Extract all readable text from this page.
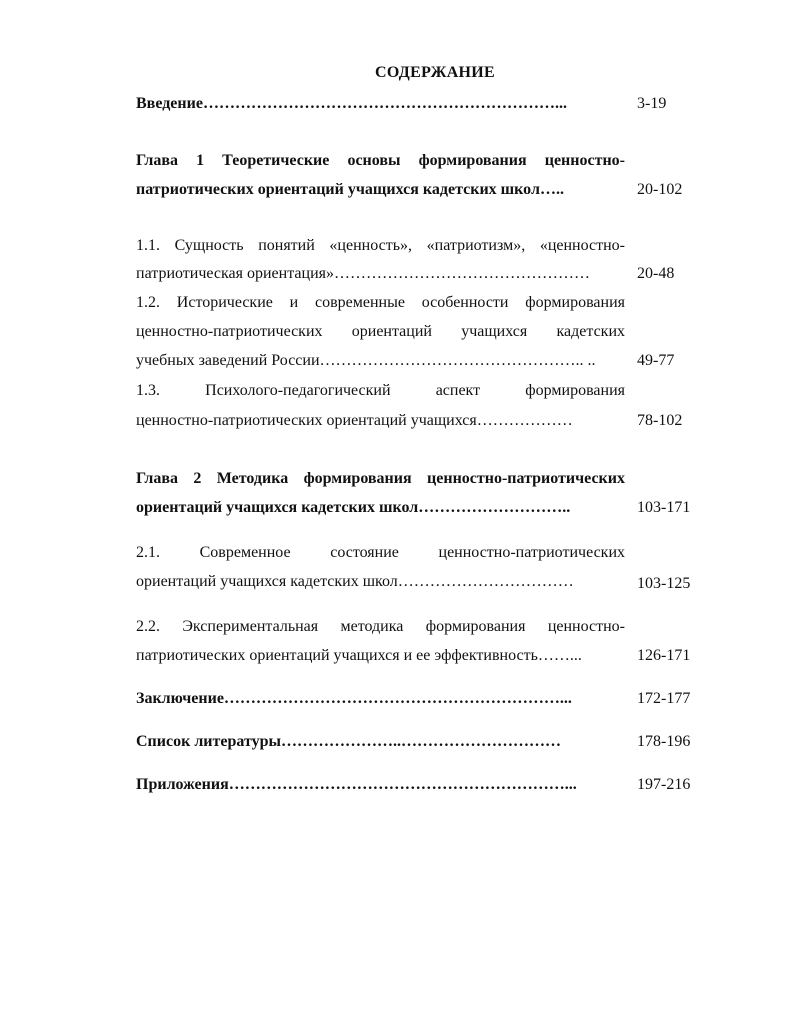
СОДЕРЖАНИЕ
Введение…………………………………………………………...	3-19
Глава 1 Теоретические основы формирования ценностно-
патриотических ориентаций учащихся кадетских школ…..	20-102
1.1. Сущность понятий «ценность», «патриотизм», «ценностно-
патриотическая ориентация»…………………………………………	20-48
1.2. Исторические и современные особенности формирования
ценностно-патриотических ориентаций учащихся кадетских
учебных заведений России………………………………………….. ..	49-77
1.3. Психолого-педагогический аспект формирования
ценностно-патриотических ориентаций учащихся………………	78-102
Глава 2 Методика формирования ценностно-патриотических
ориентаций учащихся кадетских школ………………………..	103-171
2.1. Современное состояние ценностно-патриотических
ориентаций учащихся кадетских школ……………………………	103-125
2.2. Экспериментальная методика формирования ценностно-
патриотических ориентаций учащихся и ее эффективность……...	126-171
Заключение………………………………………………………...	172-177
Список литературы…………………..…………………………	178-196
Приложения………………………………………………………...	197-216
